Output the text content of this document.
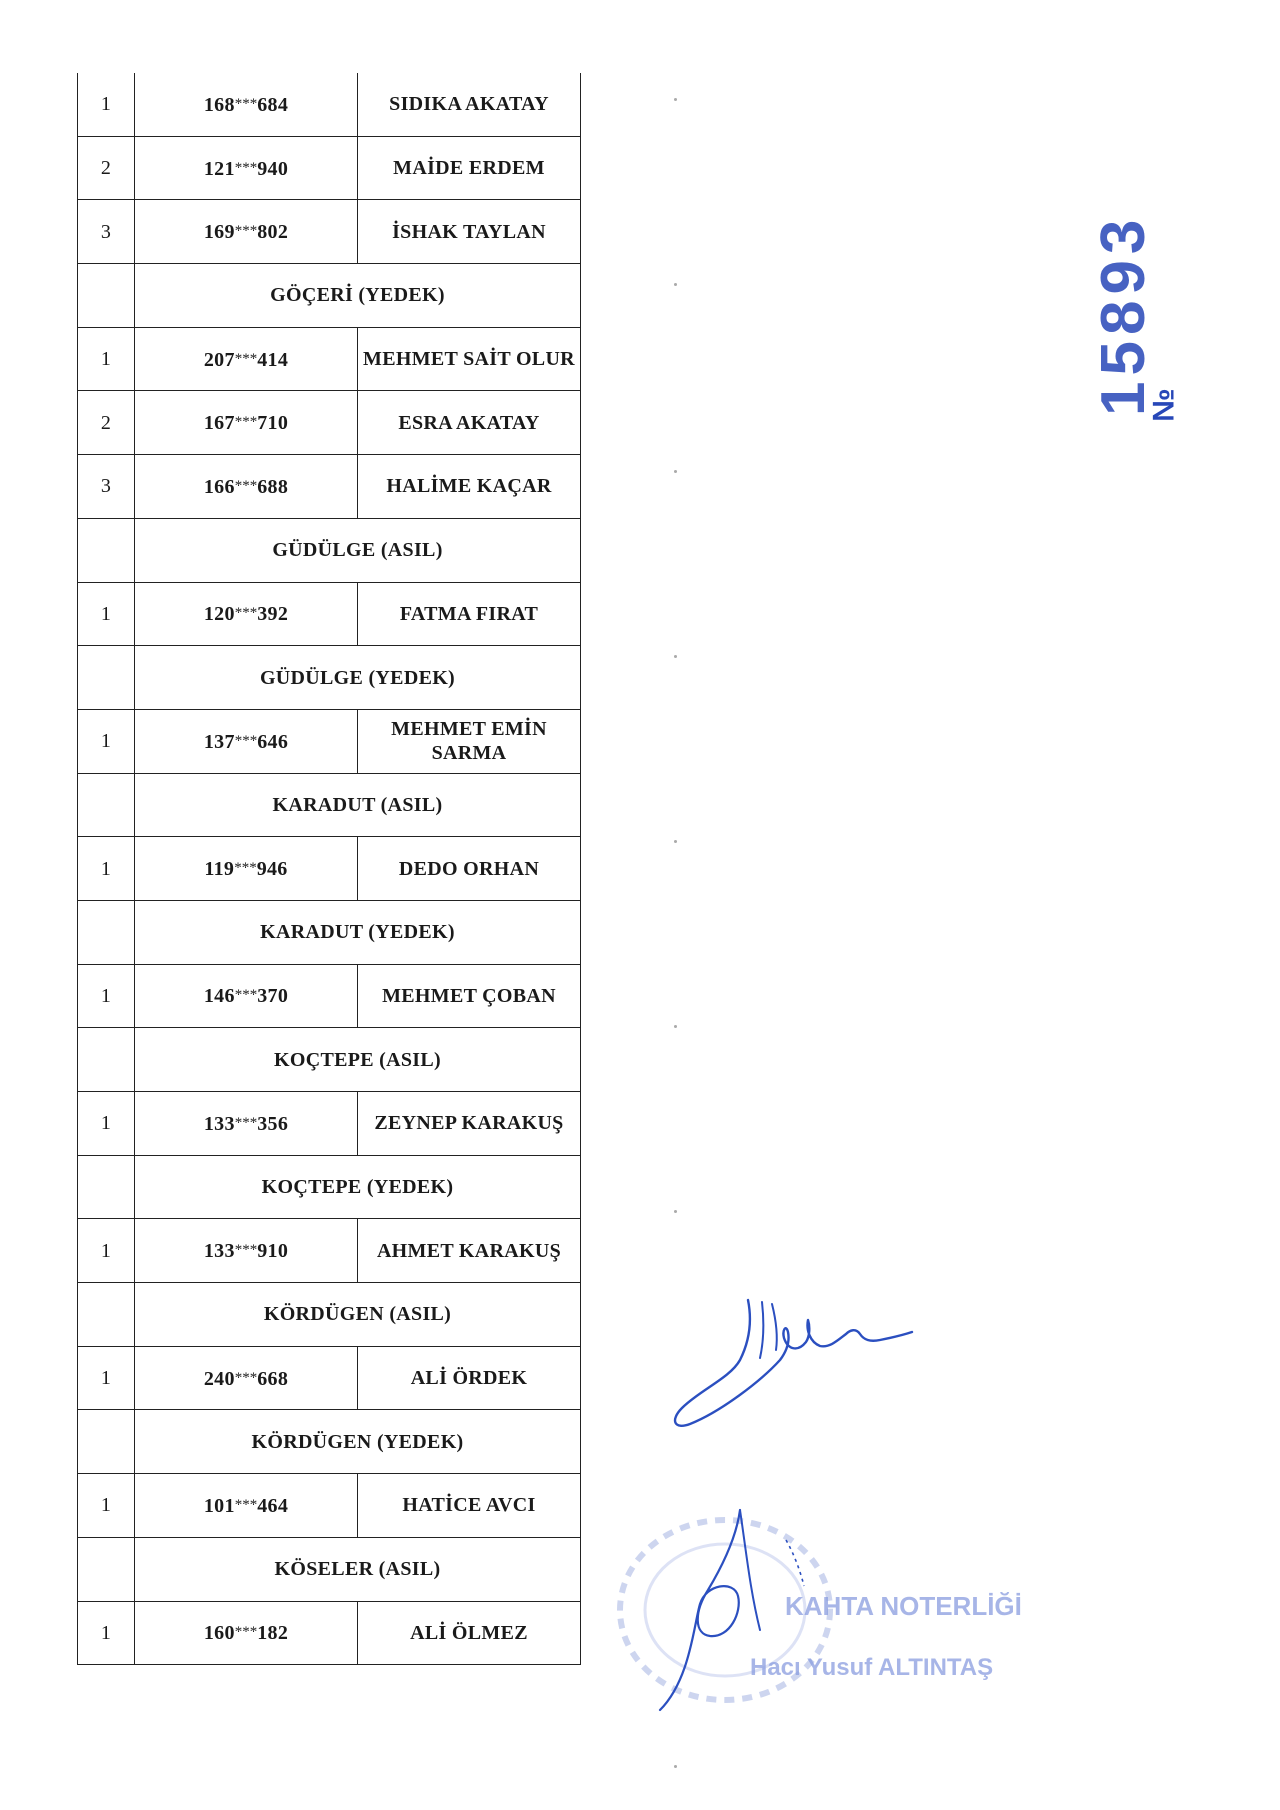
1	168***684	SIDIKA AKATAY
2	121***940	MAİDE ERDEM
3	169***802	İSHAK TAYLAN
	GÖÇERİ (YEDEK)	
1	207***414	MEHMET SAİT OLUR
2	167***710	ESRA AKATAY
3	166***688	HALİME KAÇAR
	GÜDÜLGE (ASIL)	
1	120***392	FATMA FIRAT
	GÜDÜLGE (YEDEK)	
1	137***646	MEHMET EMİN SARMA
	KARADUT (ASIL)	
1	119***946	DEDO ORHAN
	KARADUT (YEDEK)	
1	146***370	MEHMET ÇOBAN
	KOÇTEPE (ASIL)	
1	133***356	ZEYNEP KARAKUŞ
	KOÇTEPE (YEDEK)	
1	133***910	AHMET KARAKUŞ
	KÖRDÜGEN (ASIL)	
1	240***668	ALİ ÖRDEK
	KÖRDÜGEN (YEDEK)	
1	101***464	HATİCE AVCI
	KÖSELER (ASIL)	
1	160***182	ALİ ÖLMEZ
15893
№
KAHTA NOTERLİĞİ
Hacı Yusuf ALTINTAŞ
